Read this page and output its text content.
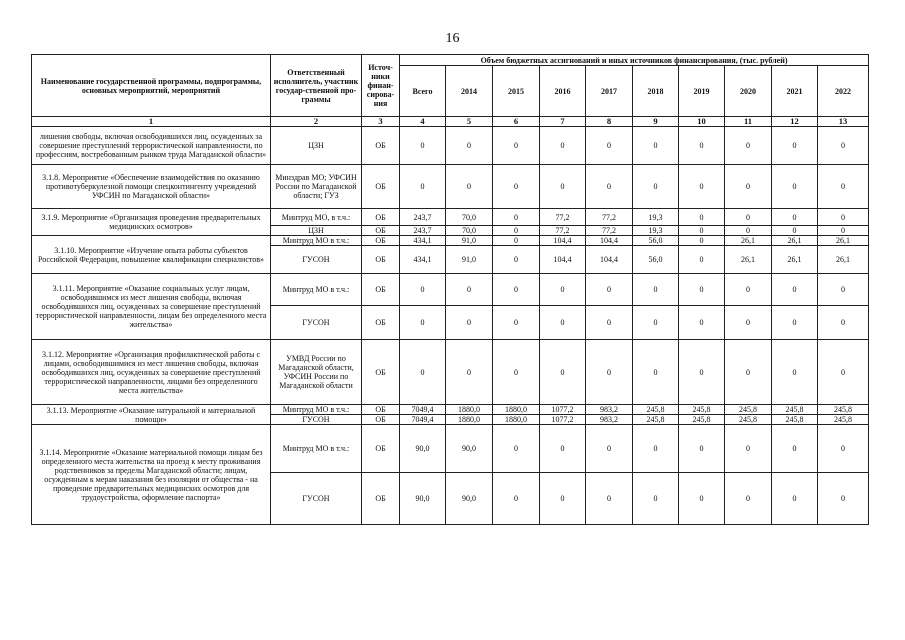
16
Наименование государственной программы, подпрограммы, основных мероприятий, мероприятий	Ответственный исполнитель, участник государ-ственной про-граммы	Источ-ники финан-сирова-ния	Объем бюджетных ассигнований и иных источников финансирования, (тыс. рублей)									
			Всего	2014	2015	2016	2017	2018	2019	2020	2021	2022
1	2	3	4	5	6	7	8	9	10	11	12	13
лишения свободы, включая освободившихся лиц, осужденных за совершение преступлений террористической направленности, по профессиям, востребованным рынком труда Магаданской области»	ЦЗН	ОБ	0	0	0	0	0	0	0	0	0	0
3.1.8. Мероприятие «Обеспечение взаимодействия по оказанию противотуберкулезной помощи спецконтингенту учреждений УФСИН по Магаданской области»	Минздрав МО; УФСИН России по Магаданской области; ГУЗ	ОБ	0	0	0	0	0	0	0	0	0	0
3.1.9. Мероприятие «Организация проведения предварительных медицинских осмотров»	Минтруд МО, в т.ч.:	ОБ	243,7	70,0	0	77,2	77,2	19,3	0	0	0	0
	ЦЗН	ОБ	243,7	70,0	0	77,2	77,2	19,3	0	0	0	0
3.1.10. Мероприятие «Изучение опыта работы субъектов Российской Федерации, повышение квалификации специалистов»	Минтруд МО в т.ч.:	ОБ	434,1	91,0	0	104,4	104,4	56,0	0	26,1	26,1	26,1
	ГУСОН	ОБ	434,1	91,0	0	104,4	104,4	56,0	0	26,1	26,1	26,1
3.1.11. Мероприятие «Оказание социальных услуг лицам, освободившимся из мест лишения свободы, включая освободившихся лиц, осужденных за совершение преступлений террористической направленности, лицам без определенного места жительства»	Минтруд МО в т.ч.:	ОБ	0	0	0	0	0	0	0	0	0	0
	ГУСОН	ОБ	0	0	0	0	0	0	0	0	0	0
3.1.12. Мероприятие «Организация профилактической работы с лицами, освободившимися из мест лишения свободы, включая освободившихся лиц, осужденных за совершение преступлений террористической направленности, лицами без определенного места жительства»	УМВД России по Магаданской области, УФСИН России по Магаданской области	ОБ	0	0	0	0	0	0	0	0	0	0
3.1.13. Мероприятие «Оказание натуральной и материальной помощи»	Минтруд МО в т.ч.:	ОБ	7049,4	1880,0	1880,0	1077,2	983,2	245,8	245,8	245,8	245,8	245,8
	ГУСОН	ОБ	7049,4	1880,0	1880,0	1077,2	983,2	245,8	245,8	245,8	245,8	245,8
3.1.14. Мероприятие «Оказание материальной помощи лицам без определенного места жительства на проезд к месту проживания родственников за пределы Магаданской области; лицам, осужденным к мерам наказания без изоляции от общества - на проведение предварительных медицинских осмотров для трудоустройства, оформление паспорта»	Минтруд МО в т.ч.:	ОБ	90,0	90,0	0	0	0	0	0	0	0	0
	ГУСОН	ОБ	90,0	90,0	0	0	0	0	0	0	0	0
